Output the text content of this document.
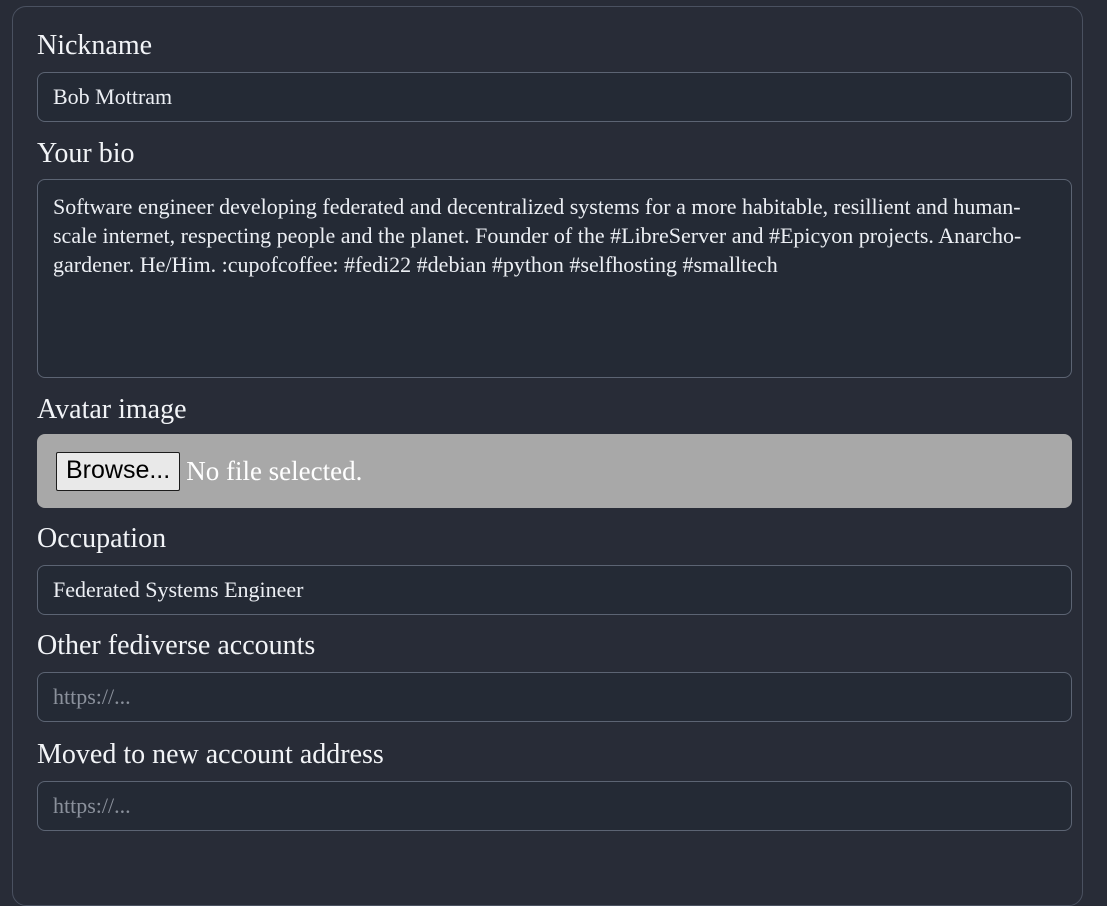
Nickname
Bob Mottram
Your bio
Software engineer developing federated and decentralized systems for a more habitable, resillient and human-scale internet, respecting people and the planet. Founder of the #LibreServer and #Epicyon projects. Anarcho-gardener. He/Him. :cupofcoffee: #fedi22 #debian #python #selfhosting #smalltech
Avatar image
Browse... No file selected.
Occupation
Federated Systems Engineer
Other fediverse accounts
https://...
Moved to new account address
https://...
